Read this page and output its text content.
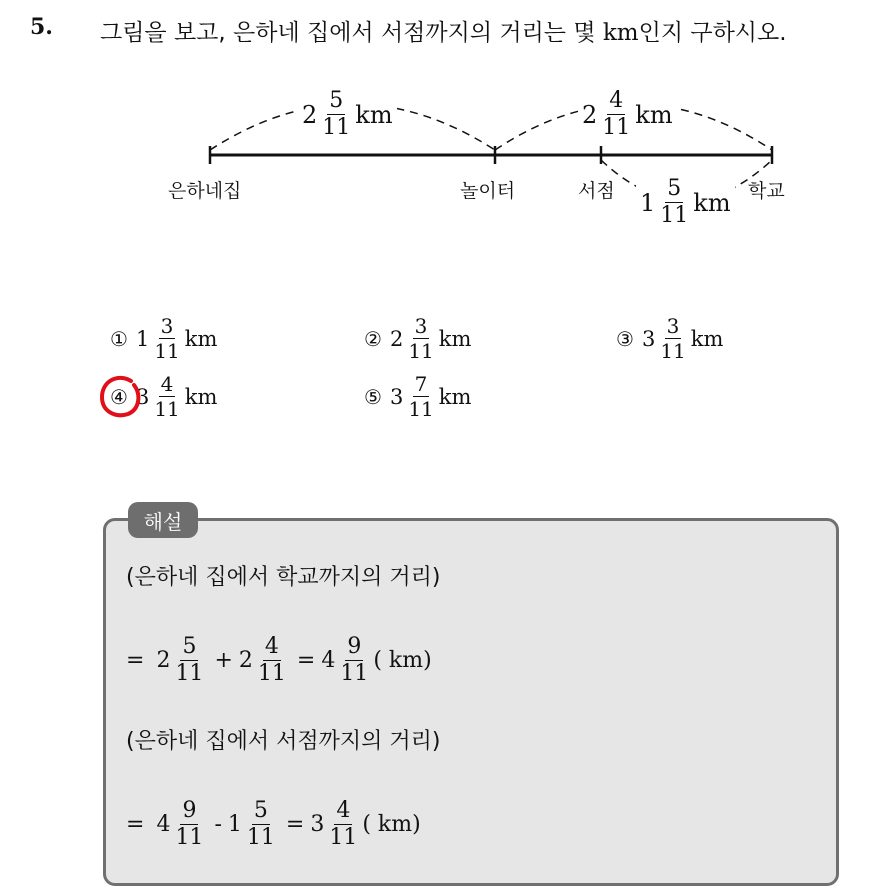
5. 그림을 보고, 은하네 집에서 서점까지의 거리는 몇 km인지 구하시오.
$2 \frac{5}{11}$ km	$2 \frac{4}{11}$ km
$1 \frac{5}{11}$ km
은하네집	놀이터	서점	학교
① $1 \frac{3}{11}$ km	② $2 \frac{3}{11}$ km	③ $3 \frac{3}{11}$ km
④ $3 \frac{4}{11}$ km	⑤ $3 \frac{7}{11}$ km
해설
(은하네 집에서 학교까지의 거리)
= $2 \frac{5}{11} + 2 \frac{4}{11} = 4 \frac{9}{11}$ ( km)
(은하네 집에서 서점까지의 거리)
= $4 \frac{9}{11} - 1 \frac{5}{11} = 3 \frac{4}{11}$ ( km)
